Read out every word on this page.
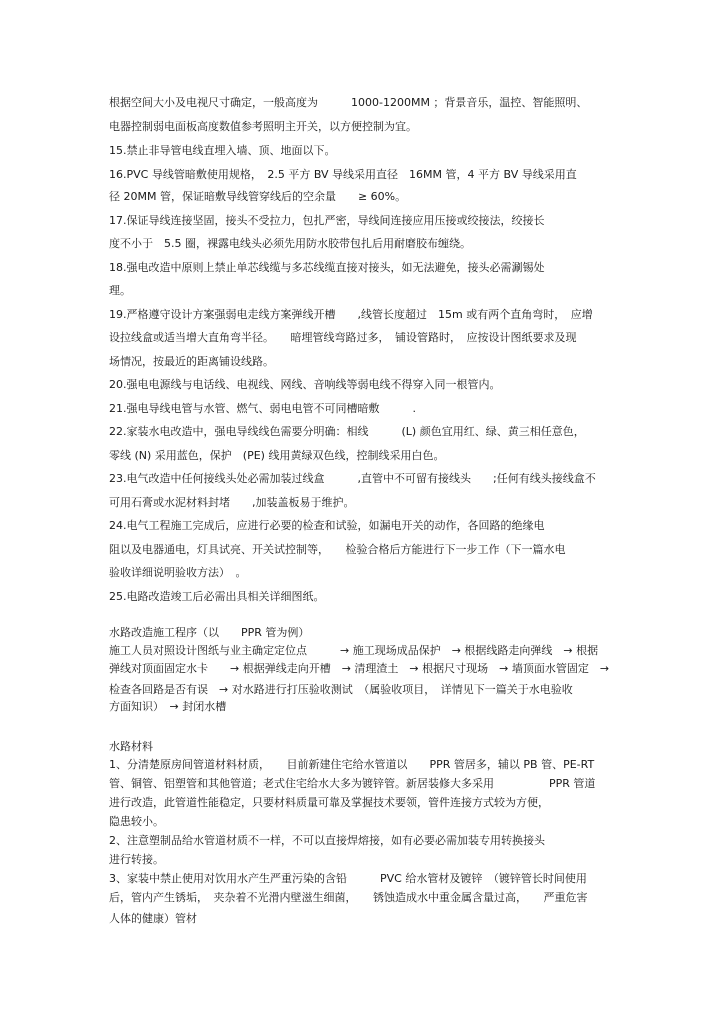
根据空间大小及电视尺寸确定，一般高度为　　　1000-1200MM ；背景音乐，温控、智能照明、
电器控制弱电面板高度数值参考照明主开关，以方便控制为宜。
15.禁止非导管电线直埋入墙、顶、地面以下。
16.PVC 导线管暗敷使用规格，　2.5 平方 BV 导线采用直径　16MM 管，4 平方 BV 导线采用直
径 20MM 管，保证暗敷导线管穿线后的空余量　　≥ 60%。
17.保证导线连接坚固，接头不受拉力，包扎严密，导线间连接应用压接或绞接法，绞接长
度不小于　5.5 圈，裸露电线头必须先用防水胶带包扎后用耐磨胶布缠绕。
18.强电改造中原则上禁止单芯线缆与多芯线缆直接对接头，如无法避免，接头必需涮锡处
理。
19.严格遵守设计方案强弱电走线方案弹线开槽　　,线管长度超过　15m 或有两个直角弯时，　应增
设拉线盒或适当增大直角弯半径。　　暗埋管线弯路过多，　铺设管路时，　应按设计图纸要求及现
场情况，按最近的距离铺设线路。
20.强电电源线与电话线、电视线、网线、音响线等弱电线不得穿入同一根管内。
21.强电导线电管与水管、燃气、弱电电管不可同槽暗敷　　　.
22.家装水电改造中，强电导线线色需要分明确：相线　　　(L) 颜色宜用红、绿、黄三相任意色，
零线 (N) 采用蓝色，保护　(PE) 线用黄绿双色线，控制线采用白色。
23.电气改造中任何接线头处必需加装过线盒　　　,直管中不可留有接线头　　;任何有线头接线盒不
可用石膏或水泥材料封堵　　,加装盖板易于维护。
24.电气工程施工完成后，应进行必要的检查和试验，如漏电开关的动作，各回路的绝缘电
阻以及电器通电，灯具试亮、开关试控制等，　　检验合格后方能进行下一步工作（下一篇水电
验收详细说明验收方法）　。
25.电路改造竣工后必需出具相关详细图纸。
水路改造施工程序（以　　PPR 管为例）
施工人员对照设计图纸与业主确定定位点　　　→ 施工现场成品保护　→ 根据线路走向弹线　→ 根据
弹线对顶面固定水卡　　→ 根据弹线走向开槽　→ 清理渣土　→ 根据尺寸现场　→ 墙顶面水管固定　→
检查各回路是否有误　→ 对水路进行打压验收测试　（属验收项目，　详情见下一篇关于水电验收
方面知识）　→ 封闭水槽
水路材料
1、分清楚原房间管道材料材质，　　目前新建住宅给水管道以　　PPR 管居多，辅以 PB 管、PE-RT
管、铜管、铝塑管和其他管道；老式住宅给水大多为镀锌管。新居装修大多采用　　　　　PPR 管道
进行改造，此管道性能稳定，只要材料质量可靠及掌握技术要领，管件连接方式较为方便，
隐患较小。
2、注意塑制品给水管道材质不一样，不可以直接焊熔接，如有必要必需加装专用转换接头
进行转接。
3、家装中禁止使用对饮用水产生严重污染的含铅　　　PVC 给水管材及镀锌　（镀锌管长时间使用
后，管内产生锈垢，　夹杂着不光滑内壁滋生细菌，　　锈蚀造成水中重金属含量过高，　　严重危害
人体的健康）管材
